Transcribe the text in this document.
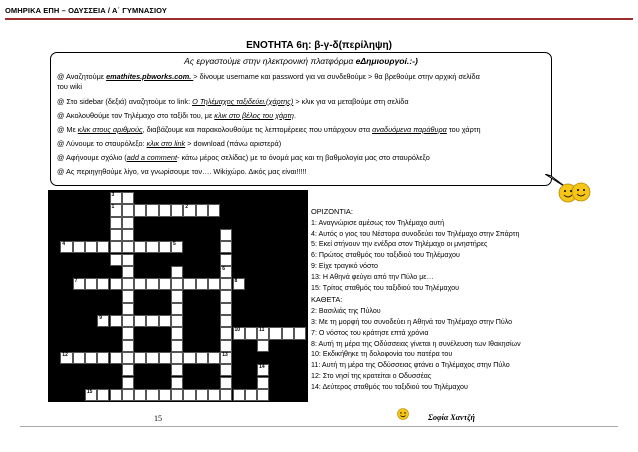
ΟΜΗΡΙΚΑ ΕΠΗ – ΟΔΥΣΣΕΙΑ / Α΄ ΓΥΜΝΑΣΙΟΥ
ΕΝΟΤΗΤΑ 6η: β-γ-δ(περίληψη)
Ας εργαστούμε στην ηλεκτρονική πλατφόρμα eΔημιουργοί.:-)
@ Αναζητούμε emathites.pbworks.com. > δίνουμε username και password για να συνδεθούμε > θα βρεθούμε στην αρχική σελίδα
του wiki
@ Στο sidebar (δεξιά) αναζητούμε το link: Ο Τηλέμαχος ταξιδεύει.(χάρτης) > κλικ για να μεταβούμε στη σελίδα
@ Ακολουθούμε τον Τηλέμαχο στο ταξίδι του, με κλικ στο βέλος του χάρτη.
@ Με κλικ στους αριθμούς, διαβάζουμε και παρακολουθούμε τις λεπτομέρειες που υπάρχουν στα αναδυόμενα παράθυρα του χάρτη
@ Λύνουμε το σταυρόλεξο: κλικ στο link > download (πάνω αριστερά)
@ Αφήνουμε σχόλιο (add a comment- κάτω μέρος σελίδας) με το όνομά μας και τη βαθμολογία μας στο σταυρόλεξο
@ Ας περιηγηθούμε λίγο, να γνωρίσουμε τον…. Wikiχώρο. Δικός μας είναι!!!!!
3
1	2
4	5
6
7	8
9
10	11
12	13
14
15
ΟΡΙΖΟΝΤΙΑ:
1: Αναγνώρισε αμέσως τον Τηλέμαχο αυτή
4: Αυτός ο γιος του Νέστορα συνοδεύει τον Τηλέμαχο στην Σπάρτη
5: Εκεί στήνουν την ενέδρα στον Τηλέμαχο οι μνηστήρες
6: Πρώτος σταθμός του ταξιδιού του Τηλέμαχου
9: Είχε τραγικό νόστο
13: Η Αθηνά φεύγει από την Πύλο με…
15: Τρίτος σταθμός του ταξιδιού του Τηλέμαχου
ΚΑΘΕΤΑ:
2: Βασιλιάς της Πύλου
3: Με τη μορφή του συνοδεύει η Αθηνά τον Τηλέμαχο στην Πύλο
7: Ο νόστος του κράτησε επτά χρόνια
8: Αυτή τη μέρα της Οδύσσειας γίνεται η συνέλευση των Ιθακησίων
10: Εκδικήθηκε τη δολοφονία του πατέρα του
11: Αυτή τη μέρα της Οδύσσειας φτάνει ο Τηλέμαχος στην Πύλο
12: Στο νησί της κρατείται ο Οδυσσέας
14: Δεύτερος σταθμός του ταξιδιού του Τηλέμαχου
15	Σοφία Χαντζή
